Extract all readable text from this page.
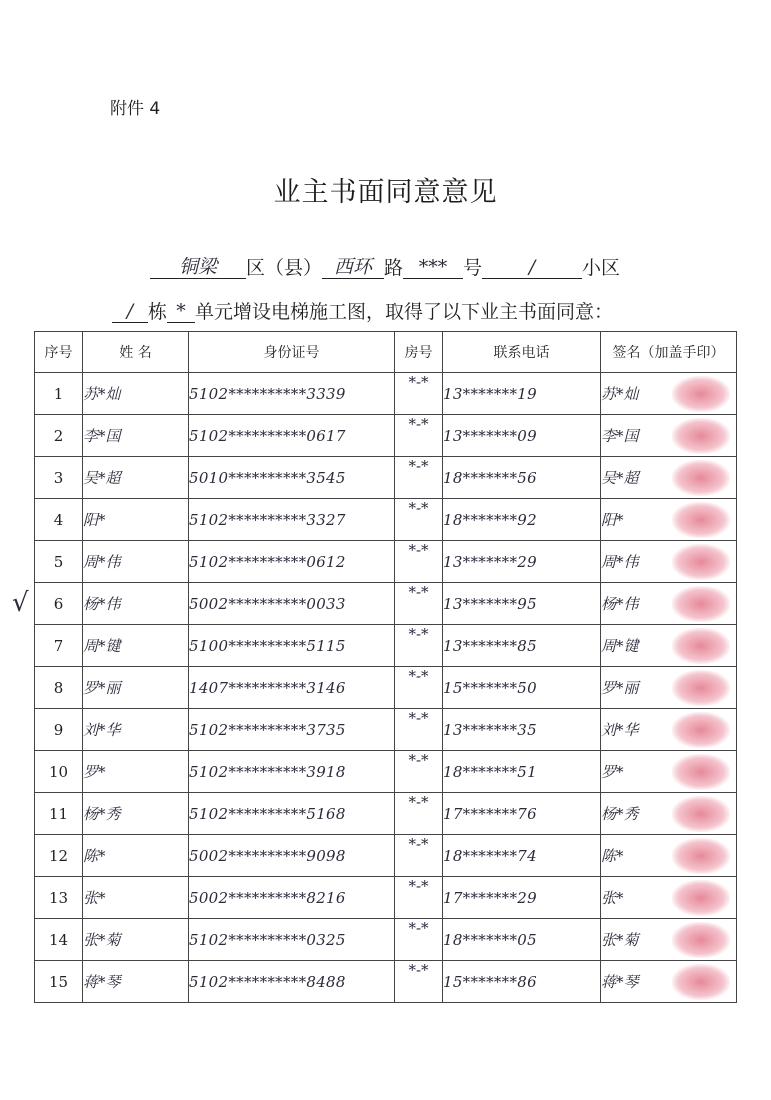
附件 4
业主书面同意意见
铜梁 区（县） 西环 路 *** 号 / 小区
/ 栋 * 单元增设电梯施工图，取得了以下业主书面同意：
√
序号	姓 名	身份证号	房号	联系电话	签名（加盖手印）
1	苏*灿	5102**********3339	*-*	13*******19	苏*灿
2	李*国	5102**********0617	*-*	13*******09	李*国
3	吴*超	5010**********3545	*-*	18*******56	吴*超
4	阳*	5102**********3327	*-*	18*******92	阳*
5	周*伟	5102**********0612	*-*	13*******29	周*伟
6	杨*伟	5002**********0033	*-*	13*******95	杨*伟
7	周*键	5100**********5115	*-*	13*******85	周*键
8	罗*丽	1407**********3146	*-*	15*******50	罗*丽
9	刘*华	5102**********3735	*-*	13*******35	刘*华
10	罗*	5102**********3918	*-*	18*******51	罗*
11	杨*秀	5102**********5168	*-*	17*******76	杨*秀
12	陈*	5002**********9098	*-*	18*******74	陈*
13	张*	5002**********8216	*-*	17*******29	张*
14	张*菊	5102**********0325	*-*	18*******05	张*菊
15	蒋*琴	5102**********8488	*-*	15*******86	蒋*琴
